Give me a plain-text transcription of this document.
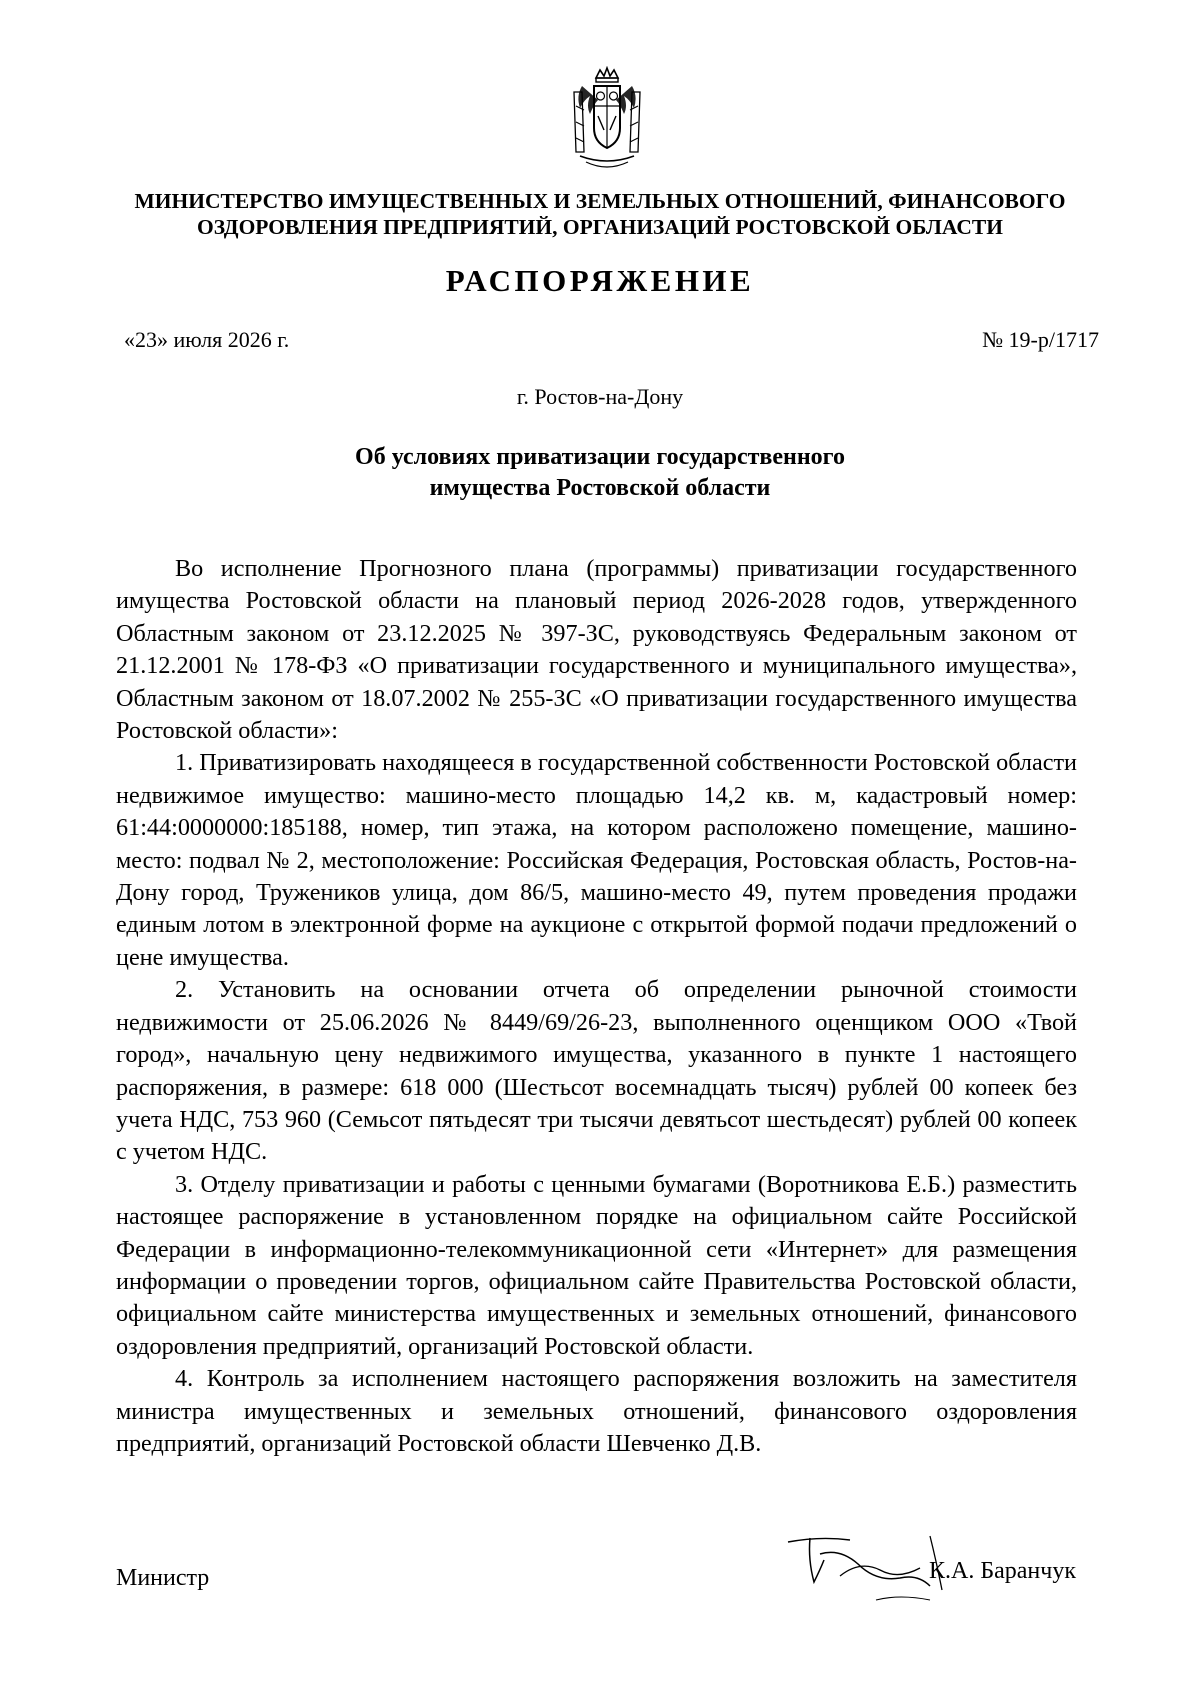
МИНИСТЕРСТВО ИМУЩЕСТВЕННЫХ И ЗЕМЕЛЬНЫХ ОТНОШЕНИЙ, ФИНАНСОВОГО
ОЗДОРОВЛЕНИЯ ПРЕДПРИЯТИЙ, ОРГАНИЗАЦИЙ РОСТОВСКОЙ ОБЛАСТИ
РАСПОРЯЖЕНИЕ
«23» июля 2026 г.	№ 19-р/1717
г. Ростов-на-Дону
Об условиях приватизации государственного
имущества Ростовской области

Во исполнение Прогнозного плана (программы) приватизации государственного имущества Ростовской области на плановый период 2026-2028 годов, утвержденного Областным законом от 23.12.2025 № 397-ЗС, руководствуясь Федеральным законом от 21.12.2001 № 178-ФЗ «О приватизации государственного и муниципального имущества», Областным законом от 18.07.2002 № 255-ЗС «О приватизации государственного имущества Ростовской области»:

1. Приватизировать находящееся в государственной собственности Ростовской области недвижимое имущество: машино-место площадью 14,2 кв. м, кадастровый номер: 61:44:0000000:185188, номер, тип этажа, на котором расположено помещение, машино-место: подвал № 2, местоположение: Российская Федерация, Ростовская область, Ростов-на-Дону город, Тружеников улица, дом 86/5, машино-место 49, путем проведения продажи единым лотом в электронной форме на аукционе с открытой формой подачи предложений о цене имущества.

2. Установить на основании отчета об определении рыночной стоимости недвижимости от 25.06.2026 № 8449/69/26-23, выполненного оценщиком ООО «Твой город», начальную цену недвижимого имущества, указанного в пункте 1 настоящего распоряжения, в размере: 618 000 (Шестьсот восемнадцать тысяч) рублей 00 копеек без учета НДС, 753 960 (Семьсот пятьдесят три тысячи девятьсот шестьдесят) рублей 00 копеек с учетом НДС.

3. Отделу приватизации и работы с ценными бумагами (Воротникова Е.Б.) разместить настоящее распоряжение в установленном порядке на официальном сайте Российской Федерации в информационно-телекоммуникационной сети «Интернет» для размещения информации о проведении торгов, официальном сайте Правительства Ростовской области, официальном сайте министерства имущественных и земельных отношений, финансового оздоровления предприятий, организаций Ростовской области.

4. Контроль за исполнением настоящего распоряжения возложить на заместителя министра имущественных и земельных отношений, финансового оздоровления предприятий, организаций Ростовской области Шевченко Д.В.

Министр	К.А. Баранчук
